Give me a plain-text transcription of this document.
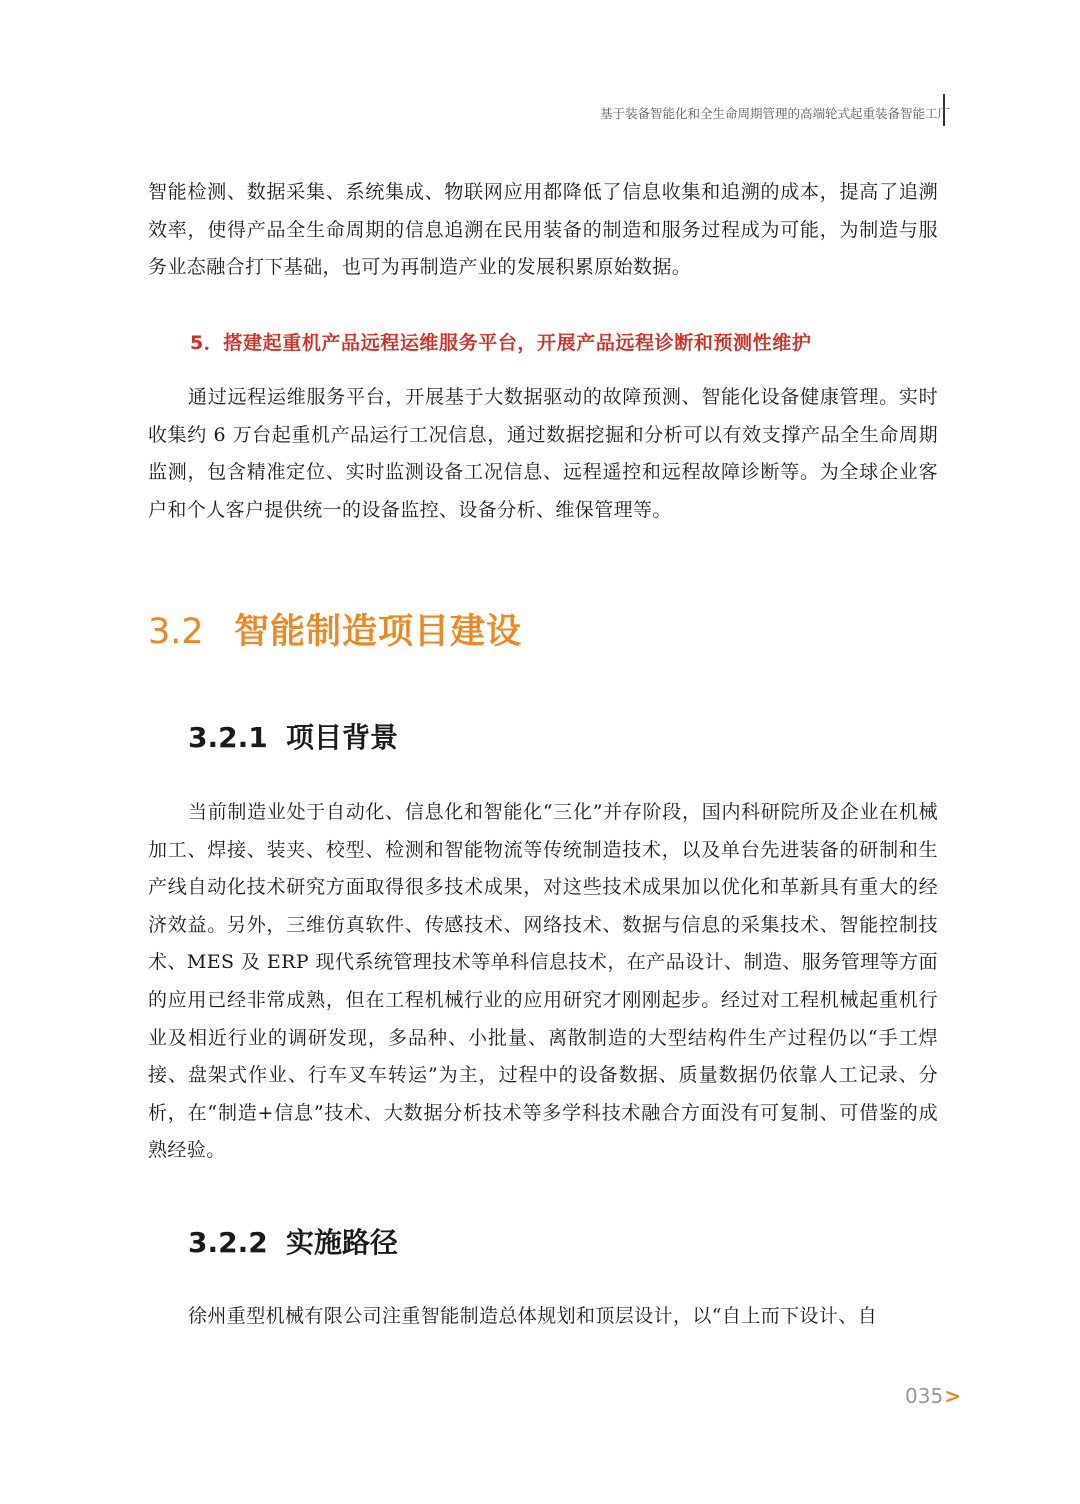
基于装备智能化和全生命周期管理的高端轮式起重装备智能工厂

智能检测、数据采集、系统集成、物联网应用都降低了信息收集和追溯的成本，提高了追溯效率，使得产品全生命周期的信息追溯在民用装备的制造和服务过程成为可能，为制造与服务业态融合打下基础，也可为再制造产业的发展积累原始数据。

5．搭建起重机产品远程运维服务平台，开展产品远程诊断和预测性维护

通过远程运维服务平台，开展基于大数据驱动的故障预测、智能化设备健康管理。实时收集约 6 万台起重机产品运行工况信息，通过数据挖掘和分析可以有效支撑产品全生命周期监测，包含精准定位、实时监测设备工况信息、远程遥控和远程故障诊断等。为全球企业客户和个人客户提供统一的设备监控、设备分析、维保管理等。

3.2 智能制造项目建设
3.2.1 项目背景

当前制造业处于自动化、信息化和智能化“三化”并存阶段，国内科研院所及企业在机械加工、焊接、装夹、校型、检测和智能物流等传统制造技术，以及单台先进装备的研制和生产线自动化技术研究方面取得很多技术成果，对这些技术成果加以优化和革新具有重大的经济效益。另外，三维仿真软件、传感技术、网络技术、数据与信息的采集技术、智能控制技术、MES 及 ERP 现代系统管理技术等单科信息技术，在产品设计、制造、服务管理等方面的应用已经非常成熟，但在工程机械行业的应用研究才刚刚起步。经过对工程机械起重机行业及相近行业的调研发现，多品种、小批量、离散制造的大型结构件生产过程仍以“手工焊接、盘架式作业、行车叉车转运”为主，过程中的设备数据、质量数据仍依靠人工记录、分析，在“制造+信息”技术、大数据分析技术等多学科技术融合方面没有可复制、可借鉴的成熟经验。

3.2.2 实施路径

徐州重型机械有限公司注重智能制造总体规划和顶层设计，以“自上而下设计、自

035>
